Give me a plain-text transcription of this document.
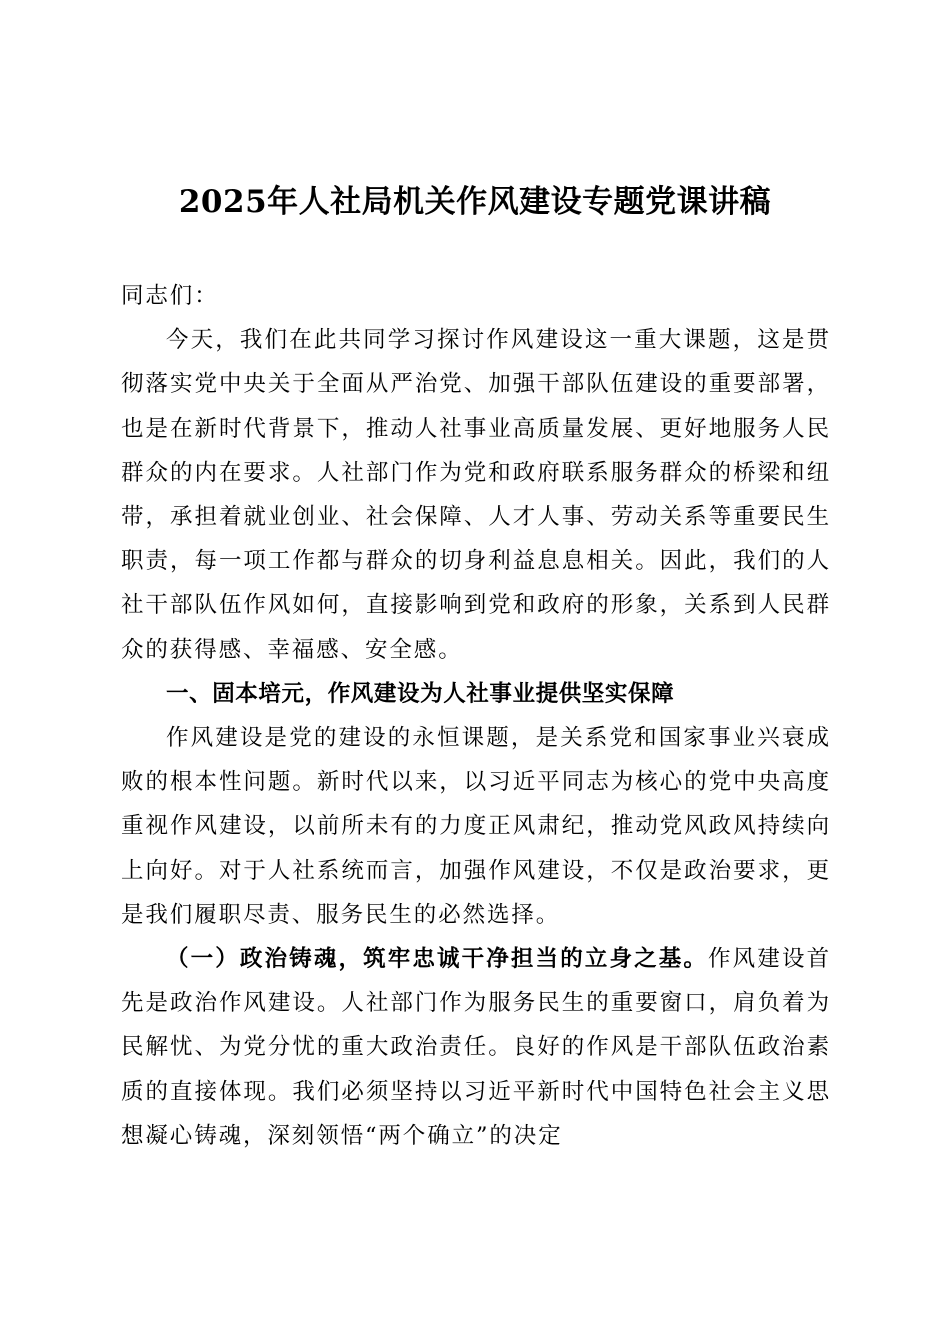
2025年人社局机关作风建设专题党课讲稿

同志们：

今天，我们在此共同学习探讨作风建设这一重大课题，这是贯彻落实党中央关于全面从严治党、加强干部队伍建设的重要部署，也是在新时代背景下，推动人社事业高质量发展、更好地服务人民群众的内在要求。人社部门作为党和政府联系服务群众的桥梁和纽带，承担着就业创业、社会保障、人才人事、劳动关系等重要民生职责，每一项工作都与群众的切身利益息息相关。因此，我们的人社干部队伍作风如何，直接影响到党和政府的形象，关系到人民群众的获得感、幸福感、安全感。

一、固本培元，作风建设为人社事业提供坚实保障

作风建设是党的建设的永恒课题，是关系党和国家事业兴衰成败的根本性问题。新时代以来，以习近平同志为核心的党中央高度重视作风建设，以前所未有的力度正风肃纪，推动党风政风持续向上向好。对于人社系统而言，加强作风建设，不仅是政治要求，更是我们履职尽责、服务民生的必然选择。

（一）政治铸魂，筑牢忠诚干净担当的立身之基。作风建设首先是政治作风建设。人社部门作为服务民生的重要窗口，肩负着为民解忧、为党分忧的重大政治责任。良好的作风是干部队伍政治素质的直接体现。我们必须坚持以习近平新时代中国特色社会主义思想凝心铸魂，深刻领悟“两个确立”的决定
